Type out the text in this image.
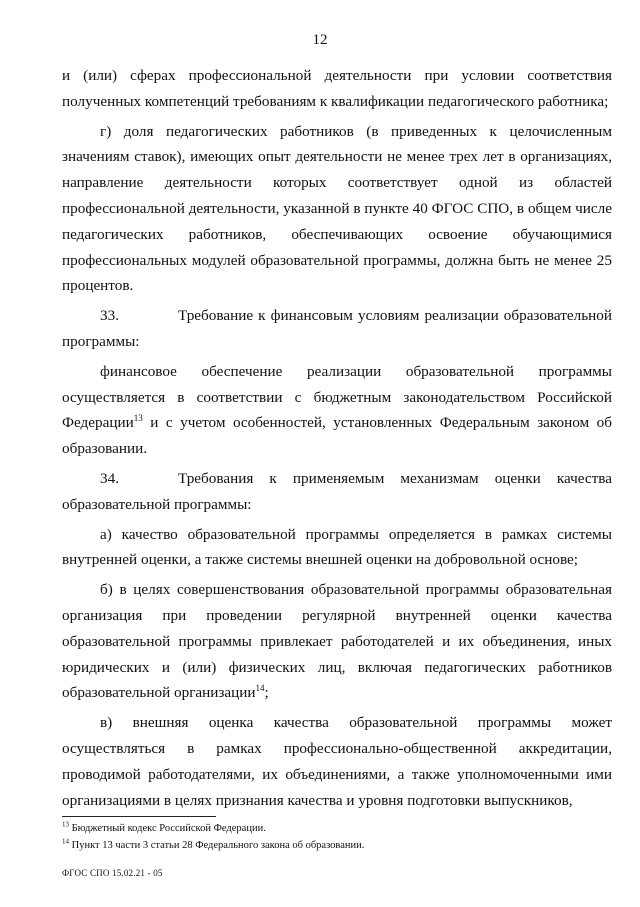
12

и (или) сферах профессиональной деятельности при условии соответствия полученных компетенций требованиям к квалификации педагогического работника;

г) доля педагогических работников (в приведенных к целочисленным значениям ставок), имеющих опыт деятельности не менее трех лет в организациях, направление деятельности которых соответствует одной из областей профессиональной деятельности, указанной в пункте 40 ФГОС СПО, в общем числе педагогических работников, обеспечивающих освоение обучающимися профессиональных модулей образовательной программы, должна быть не менее 25 процентов.

33.	Требование к финансовым условиям реализации образовательной программы:

финансовое обеспечение реализации образовательной программы осуществляется в соответствии с бюджетным законодательством Российской Федерации$^{13}$ и с учетом особенностей, установленных Федеральным законом об образовании.

34.	Требования к применяемым механизмам оценки качества образовательной программы:

а) качество образовательной программы определяется в рамках системы внутренней оценки, а также системы внешней оценки на добровольной основе;

б) в целях совершенствования образовательной программы образовательная организация при проведении регулярной внутренней оценки качества образовательной программы привлекает работодателей и их объединения, иных юридических и (или) физических лиц, включая педагогических работников образовательной организации$^{14}$;

в) внешняя оценка качества образовательной программы может осуществляться в рамках профессионально-общественной аккредитации, проводимой работодателями, их объединениями, а также уполномоченными ими организациями в целях признания качества и уровня подготовки выпускников,

$^{13}$ Бюджетный кодекс Российской Федерации.
$^{14}$ Пункт 13 части 3 статьи 28 Федерального закона об образовании.
ФГОС СПО 15.02.21 - 05
